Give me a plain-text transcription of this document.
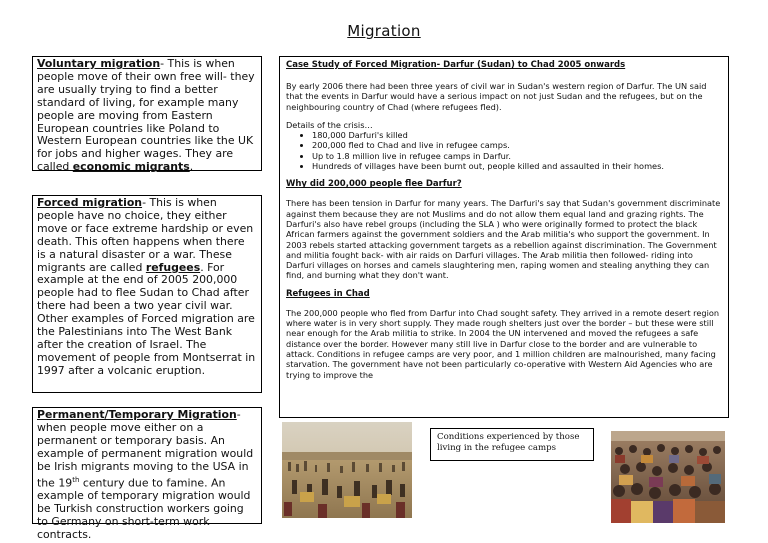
Migration
Voluntary migration- This is when people move of their own free will- they are usually trying to find a better standard of living, for example many people are moving from Eastern European countries like Poland to Western European countries like the UK for jobs and higher wages. They are called economic migrants.
Forced migration- This is when people have no choice, they either move or face extreme hardship or even death. This often happens when there is a natural disaster or a war. These migrants are called refugees. For example at the end of 2005 200,000 people had to flee Sudan to Chad after there had been a two year civil war. Other examples of Forced migration are the Palestinians into The West Bank after the creation of Israel. The movement of people from Montserrat in 1997 after a volcanic eruption.
Permanent/Temporary Migration- when people move either on a permanent or temporary basis. An example of permanent migration would be Irish migrants moving to the USA in the 19th century due to famine. An example of temporary migration would be Turkish construction workers going to Germany on short-term work contracts.
Case Study of Forced Migration- Darfur (Sudan) to Chad 2005 onwards

By early 2006 there had been three years of civil war in Sudan's western region of Darfur. The UN said that the events in Darfur would have a serious impact on not just Sudan and the refugees, but on the neighbouring country of Chad (where refugees fled).

Details of the crisis…

• 180,000 Darfuri's killed
• 200,000 fled to Chad and live in refugee camps.
• Up to 1.8 million live in refugee camps in Darfur.
• Hundreds of villages have been burnt out, people killed and assaulted in their homes.
Why did 200,000 people flee Darfur?

There has been tension in Darfur for many years. The Darfuri's say that Sudan's government discriminate against them because they are not Muslims and do not allow them equal land and grazing rights. The Darfuri's also have rebel groups (including the SLA ) who were originally formed to protect the black African farmers against the government soldiers and the Arab militia's who support the government. In 2003 rebels started attacking government targets as a rebellion against discrimination. The Government and militia fought back- with air raids on Darfuri villages. The Arab militia then followed- riding into Darfuri villages on horses and camels slaughtering men, raping women and stealing anything they can find, and burning what they don't want.

Refugees in Chad

The 200,000 people who fled from Darfur into Chad sought safety. They arrived in a remote desert region where water is in very short supply. They made rough shelters just over the border – but these were still near enough for the Arab militia to strike. In 2004 the UN intervened and moved the refugees a safe distance over the border. However many still live in Darfur close to the border and are vulnerable to attack. Conditions in refugee camps are very poor, and 1 million children are malnourished, many facing starvation. The government have not been particularly co-operative with Western Aid Agencies who are trying to improve the

Conditions experienced by those living in the refugee camps
